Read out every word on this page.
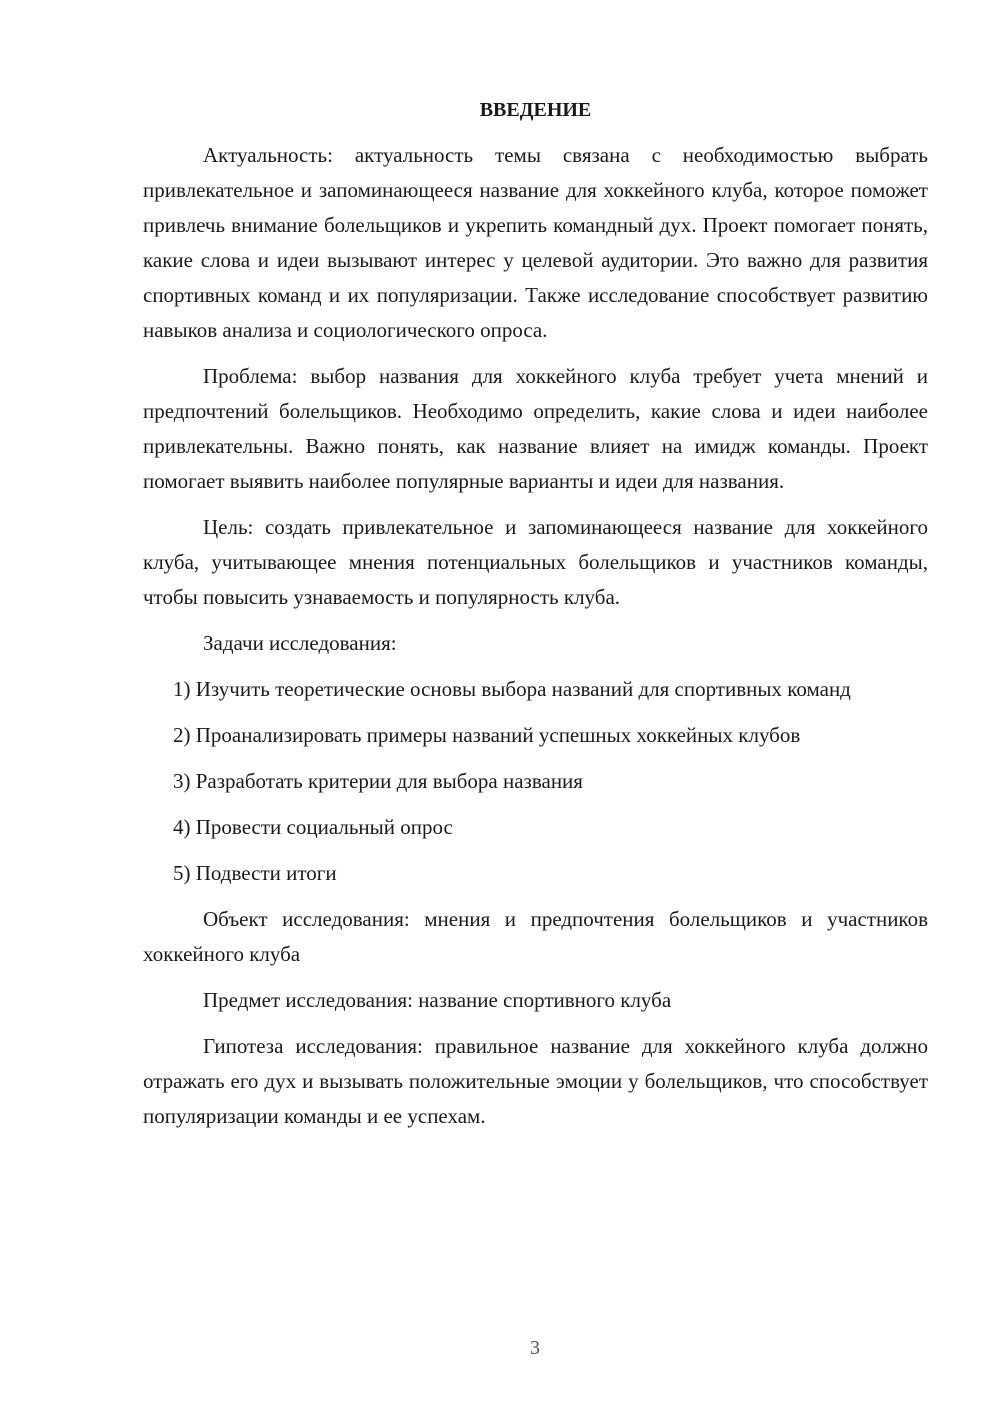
ВВЕДЕНИЕ

Актуальность: актуальность темы связана с необходимостью выбрать привлекательное и запоминающееся название для хоккейного клуба, которое поможет привлечь внимание болельщиков и укрепить командный дух. Проект помогает понять, какие слова и идеи вызывают интерес у целевой аудитории. Это важно для развития спортивных команд и их популяризации. Также исследование способствует развитию навыков анализа и социологического опроса.

Проблема: выбор названия для хоккейного клуба требует учета мнений и предпочтений болельщиков. Необходимо определить, какие слова и идеи наиболее привлекательны. Важно понять, как название влияет на имидж команды. Проект помогает выявить наиболее популярные варианты и идеи для названия.

Цель: создать привлекательное и запоминающееся название для хоккейного клуба, учитывающее мнения потенциальных болельщиков и участников команды, чтобы повысить узнаваемость и популярность клуба.

Задачи исследования:

1) Изучить теоретические основы выбора названий для спортивных команд
2) Проанализировать примеры названий успешных хоккейных клубов
3) Разработать критерии для выбора названия
4) Провести социальный опрос
5) Подвести итоги

Объект исследования: мнения и предпочтения болельщиков и участников хоккейного клуба

Предмет исследования: название спортивного клуба

Гипотеза исследования: правильное название для хоккейного клуба должно отражать его дух и вызывать положительные эмоции у болельщиков, что способствует популяризации команды и ее успехам.

3
